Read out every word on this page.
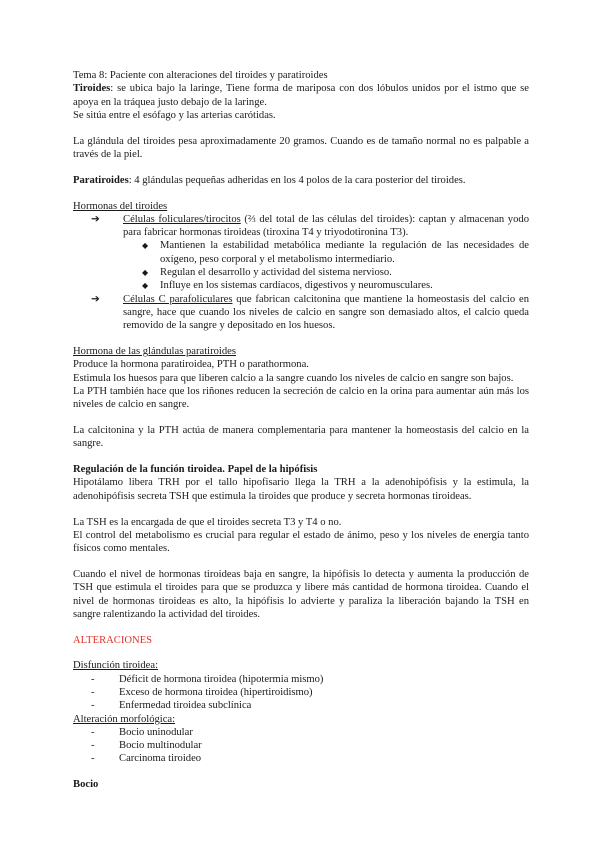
Tema 8: Paciente con alteraciones del tiroides y paratiroides

Tiroides: se ubica bajo la laringe, Tiene forma de mariposa con dos lóbulos unidos por el istmo que se apoya en la tráquea justo debajo de la laringe.

Se sitúa entre el esófago y las arterias carótidas.

La glándula del tiroides pesa aproximadamente 20 gramos. Cuando es de tamaño normal no es palpable a través de la piel.

Paratiroides: 4 glándulas pequeñas adheridas en los 4 polos de la cara posterior del tiroides.

Hormonas del tiroides

➔ Células foliculares/tirocitos (⅔ del total de las células del tiroides): captan y almacenan yodo para fabricar hormonas tiroideas (tiroxina T4 y triyodotironina T3).
◆ Mantienen la estabilidad metabólica mediante la regulación de las necesidades de oxígeno, peso corporal y el metabolismo intermediario.
◆ Regulan el desarrollo y actividad del sistema nervioso.
◆ Influye en los sistemas cardíacos, digestivos y neuromusculares.
➔ Células C parafoliculares que fabrican calcitonina que mantiene la homeostasis del calcio en sangre, hace que cuando los niveles de calcio en sangre son demasiado altos, el calcio queda removido de la sangre y depositado en los huesos.

Hormona de las glándulas paratiroides

Produce la hormona paratiroidea, PTH o parathormona.

Estimula los huesos para que liberen calcio a la sangre cuando los niveles de calcio en sangre son bajos.

La PTH también hace que los riñones reducen la secreción de calcio en la orina para aumentar aún más los niveles de calcio en sangre.

La calcitonina y la PTH actúa de manera complementaria para mantener la homeostasis del calcio en la sangre.

Regulación de la función tiroidea. Papel de la hipófisis

Hipotálamo libera TRH por el tallo hipofisario llega la TRH a la adenohipófisis y la estimula, la adenohipófisis secreta TSH que estimula la tiroides que produce y secreta hormonas tiroideas.

La TSH es la encargada de que el tiroides secreta T3 y T4 o no.

El control del metabolismo es crucial para regular el estado de ánimo, peso y los niveles de energía tanto físicos como mentales.

Cuando el nivel de hormonas tiroideas baja en sangre, la hipófisis lo detecta y aumenta la producción de TSH que estimula el tiroides para que se produzca y libere más cantidad de hormona tiroidea. Cuando el nivel de hormonas tiroideas es alto, la hipófisis lo advierte y paraliza la liberación bajando la TSH en sangre ralentizando la actividad del tiroides.

ALTERACIONES

Disfunción tiroidea:

- Déficit de hormona tiroidea (hipotermia mismo)
- Exceso de hormona tiroidea (hipertiroidismo)
- Enfermedad tiroidea subclínica

Alteración morfológica:

- Bocio uninodular
- Bocio multinodular
- Carcinoma tiroideo

Bocio
